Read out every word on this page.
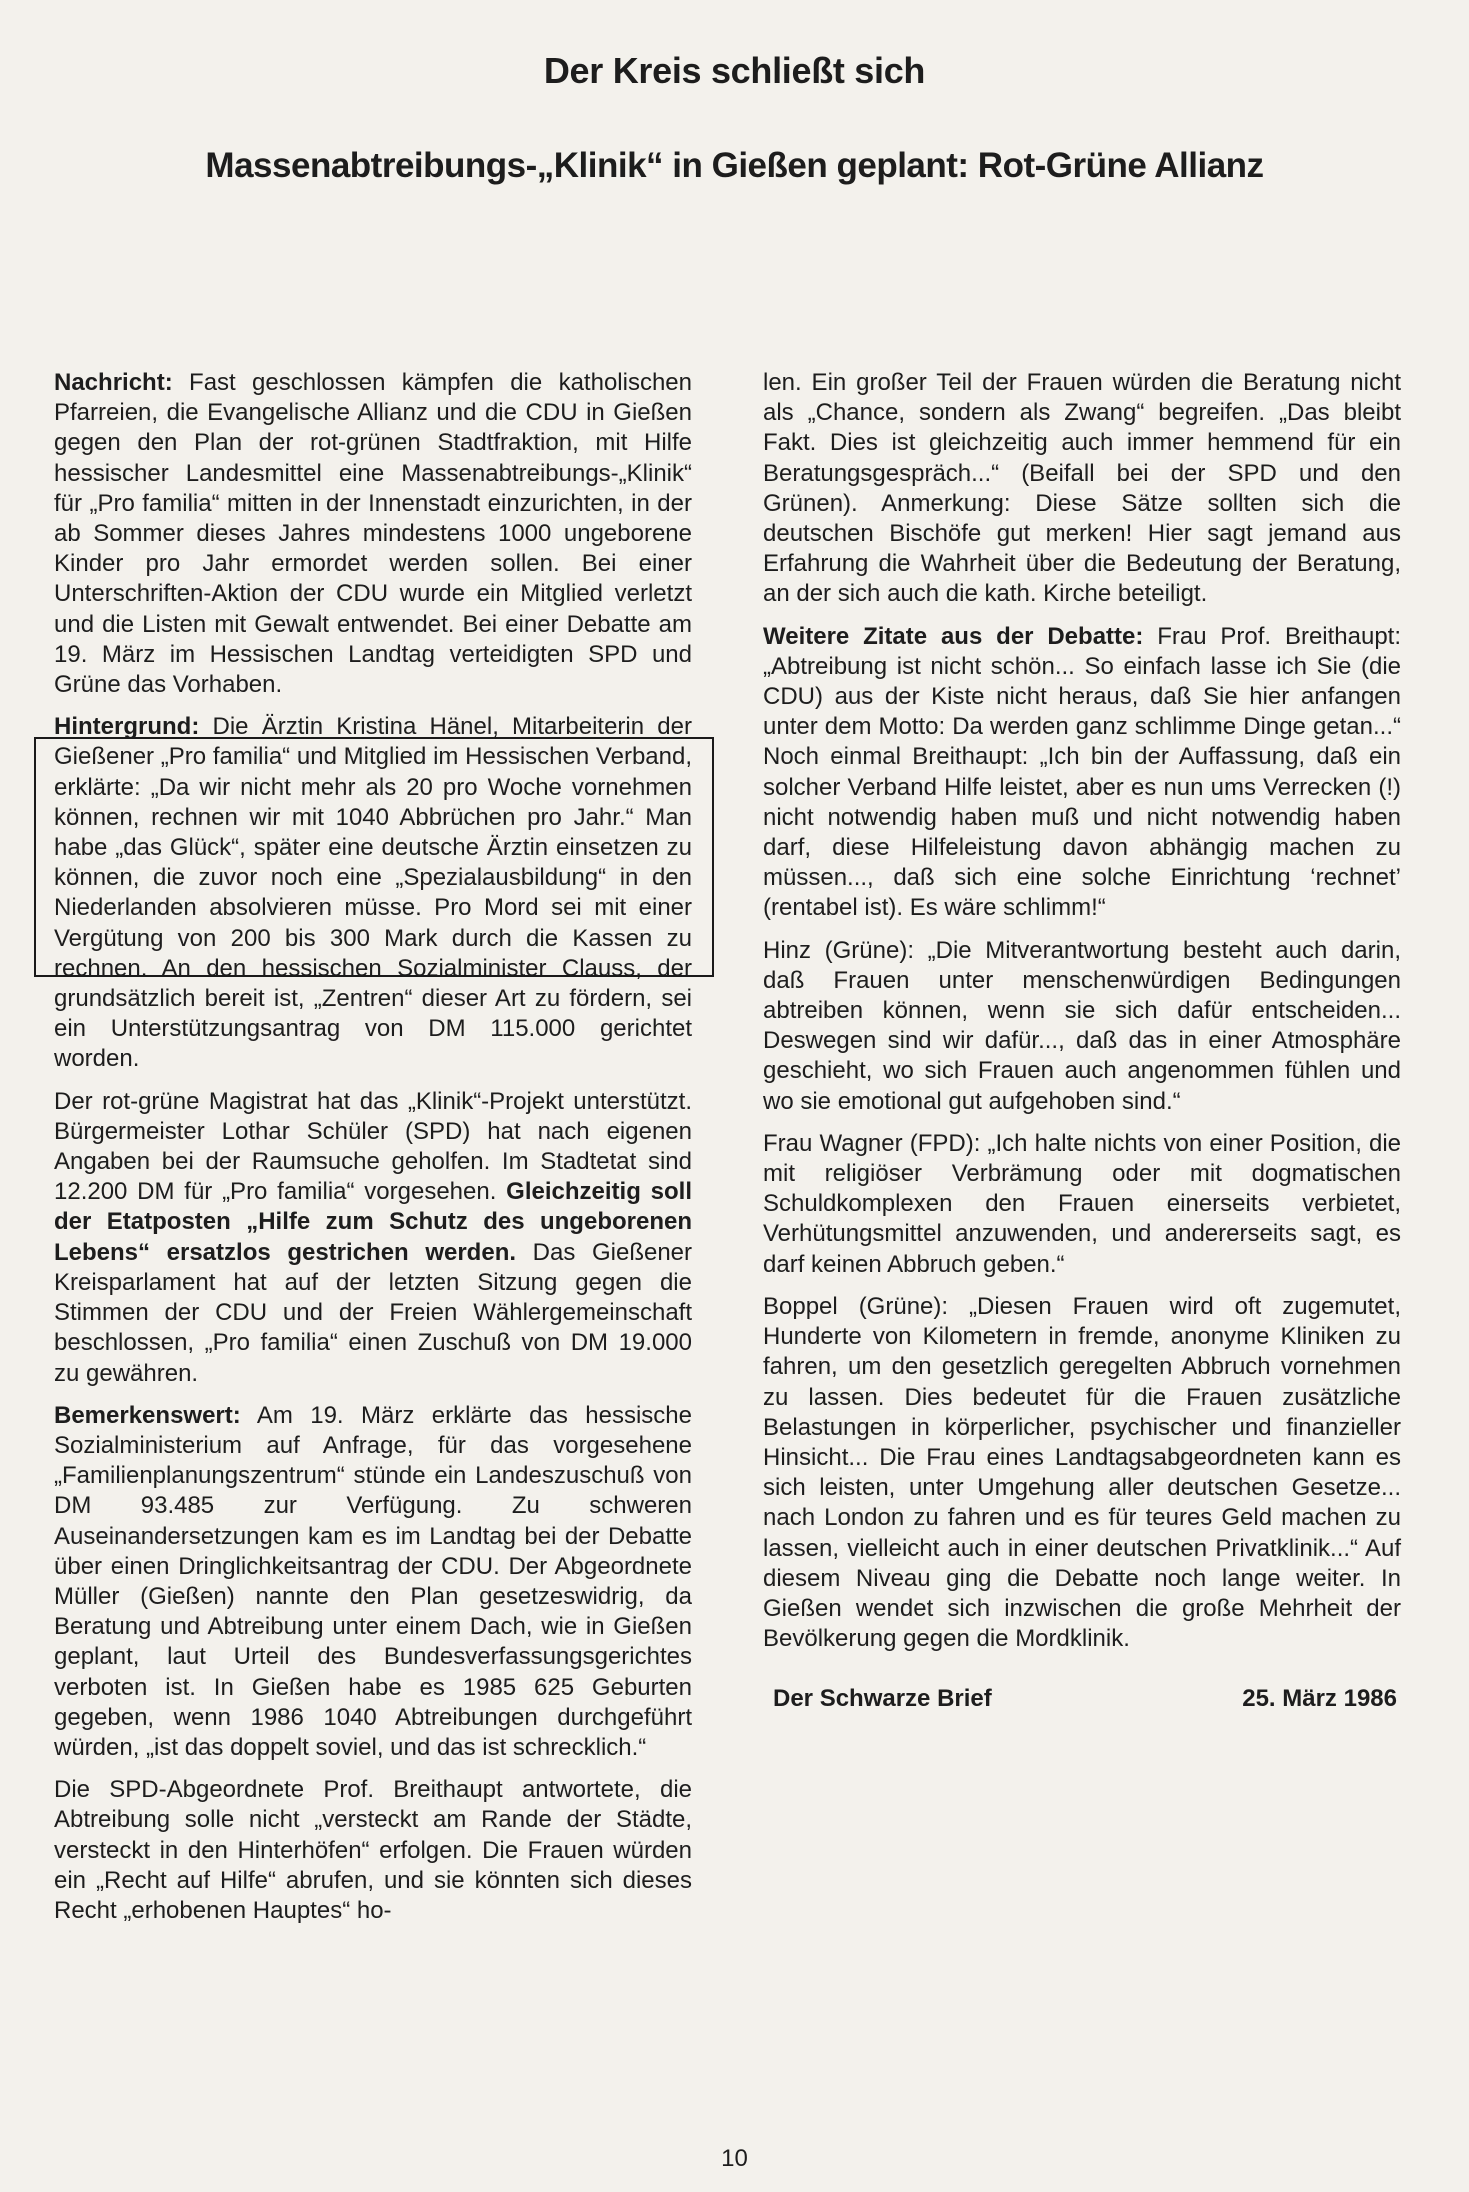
Der Kreis schließt sich
Massenabtreibungs-„Klinik“ in Gießen geplant: Rot-Grüne Allianz

Nachricht: Fast geschlossen kämpfen die katholischen Pfarreien, die Evangelische Allianz und die CDU in Gießen gegen den Plan der rot-grünen Stadtfraktion, mit Hilfe hessischer Landesmittel eine Massenabtreibungs-„Klinik“ für „Pro familia“ mitten in der Innenstadt einzurichten, in der ab Sommer dieses Jahres mindestens 1000 ungeborene Kinder pro Jahr ermordet werden sollen. Bei einer Unterschriften-Aktion der CDU wurde ein Mitglied verletzt und die Listen mit Gewalt entwendet. Bei einer Debatte am 19. März im Hessischen Landtag verteidigten SPD und Grüne das Vorhaben.

Hintergrund: Die Ärztin Kristina Hänel, Mitarbeiterin der Gießener „Pro familia“ und Mitglied im Hessischen Verband, erklärte: „Da wir nicht mehr als 20 pro Woche vornehmen können, rechnen wir mit 1040 Abbrüchen pro Jahr.“ Man habe „das Glück“, später eine deutsche Ärztin einsetzen zu können, die zuvor noch eine „Spezialausbildung“ in den Niederlanden absolvieren müsse. Pro Mord sei mit einer Vergütung von 200 bis 300 Mark durch die Kassen zu rechnen. An den hessischen Sozialminister Clauss, der grundsätzlich bereit ist, „Zentren“ dieser Art zu fördern, sei ein Unterstützungsantrag von DM 115.000 gerichtet worden.

Der rot-grüne Magistrat hat das „Klinik“-Projekt unterstützt. Bürgermeister Lothar Schüler (SPD) hat nach eigenen Angaben bei der Raumsuche geholfen. Im Stadtetat sind 12.200 DM für „Pro familia“ vorgesehen. Gleichzeitig soll der Etatposten „Hilfe zum Schutz des ungeborenen Lebens“ ersatzlos gestrichen werden. Das Gießener Kreisparlament hat auf der letzten Sitzung gegen die Stimmen der CDU und der Freien Wählergemeinschaft beschlossen, „Pro familia“ einen Zuschuß von DM 19.000 zu gewähren.

Bemerkenswert: Am 19. März erklärte das hessische Sozialministerium auf Anfrage, für das vorgesehene „Familienplanungszentrum“ stünde ein Landeszuschuß von DM 93.485 zur Verfügung. Zu schweren Auseinandersetzungen kam es im Landtag bei der Debatte über einen Dringlichkeitsantrag der CDU. Der Abgeordnete Müller (Gießen) nannte den Plan gesetzeswidrig, da Beratung und Abtreibung unter einem Dach, wie in Gießen geplant, laut Urteil des Bundesverfassungsgerichtes verboten ist. In Gießen habe es 1985 625 Geburten gegeben, wenn 1986 1040 Abtreibungen durchgeführt würden, „ist das doppelt soviel, und das ist schrecklich.“

Die SPD-Abgeordnete Prof. Breithaupt antwortete, die Abtreibung solle nicht „versteckt am Rande der Städte, versteckt in den Hinterhöfen“ erfolgen. Die Frauen würden ein „Recht auf Hilfe“ abrufen, und sie könnten sich dieses Recht „erhobenen Hauptes“ ho-

len. Ein großer Teil der Frauen würden die Beratung nicht als „Chance, sondern als Zwang“ begreifen. „Das bleibt Fakt. Dies ist gleichzeitig auch immer hemmend für ein Beratungsgespräch...“ (Beifall bei der SPD und den Grünen). Anmerkung: Diese Sätze sollten sich die deutschen Bischöfe gut merken! Hier sagt jemand aus Erfahrung die Wahrheit über die Bedeutung der Beratung, an der sich auch die kath. Kirche beteiligt.

Weitere Zitate aus der Debatte: Frau Prof. Breithaupt: „Abtreibung ist nicht schön... So einfach lasse ich Sie (die CDU) aus der Kiste nicht heraus, daß Sie hier anfangen unter dem Motto: Da werden ganz schlimme Dinge getan...“ Noch einmal Breithaupt: „Ich bin der Auffassung, daß ein solcher Verband Hilfe leistet, aber es nun ums Verrecken (!) nicht notwendig haben muß und nicht notwendig haben darf, diese Hilfeleistung davon abhängig machen zu müssen..., daß sich eine solche Einrichtung ‘rechnet’ (rentabel ist). Es wäre schlimm!“

Hinz (Grüne): „Die Mitverantwortung besteht auch darin, daß Frauen unter menschenwürdigen Bedingungen abtreiben können, wenn sie sich dafür entscheiden... Deswegen sind wir dafür..., daß das in einer Atmosphäre geschieht, wo sich Frauen auch angenommen fühlen und wo sie emotional gut aufgehoben sind.“

Frau Wagner (FPD): „Ich halte nichts von einer Position, die mit religiöser Verbrämung oder mit dogmatischen Schuldkomplexen den Frauen einerseits verbietet, Verhütungsmittel anzuwenden, und andererseits sagt, es darf keinen Abbruch geben.“

Boppel (Grüne): „Diesen Frauen wird oft zugemutet, Hunderte von Kilometern in fremde, anonyme Kliniken zu fahren, um den gesetzlich geregelten Abbruch vornehmen zu lassen. Dies bedeutet für die Frauen zusätzliche Belastungen in körperlicher, psychischer und finanzieller Hinsicht... Die Frau eines Landtagsabgeordneten kann es sich leisten, unter Umgehung aller deutschen Gesetze... nach London zu fahren und es für teures Geld machen zu lassen, vielleicht auch in einer deutschen Privatklinik...“ Auf diesem Niveau ging die Debatte noch lange weiter. In Gießen wendet sich inzwischen die große Mehrheit der Bevölkerung gegen die Mordklinik.

Der Schwarze Brief	25. März 1986
10
